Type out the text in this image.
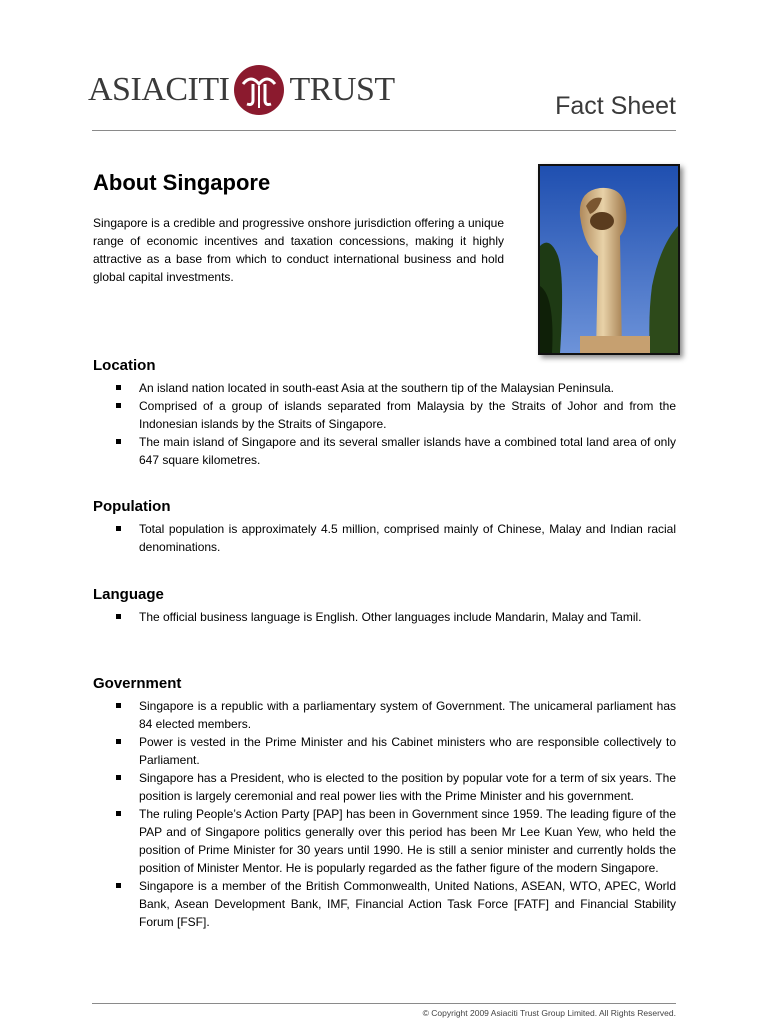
ASIACITI TRUST	Fact Sheet
About Singapore
Singapore is a credible and progressive onshore jurisdiction offering a unique range of economic incentives and taxation concessions, making it highly attractive as a base from which to conduct international business and hold global capital investments.
Location
An island nation located in south-east Asia at the southern tip of the Malaysian Peninsula.
Comprised of a group of islands separated from Malaysia by the Straits of Johor and from the Indonesian islands by the Straits of Singapore.
The main island of Singapore and its several smaller islands have a combined total land area of only 647 square kilometres.
Population
Total population is approximately 4.5 million, comprised mainly of Chinese, Malay and Indian racial denominations.
Language
The official business language is English. Other languages include Mandarin, Malay and Tamil.
Government
Singapore is a republic with a parliamentary system of Government. The unicameral parliament has 84 elected members.
Power is vested in the Prime Minister and his Cabinet ministers who are responsible collectively to Parliament.
Singapore has a President, who is elected to the position by popular vote for a term of six years. The position is largely ceremonial and real power lies with the Prime Minister and his government.
The ruling People’s Action Party [PAP] has been in Government since 1959. The leading figure of the PAP and of Singapore politics generally over this period has been Mr Lee Kuan Yew, who held the position of Prime Minister for 30 years until 1990. He is still a senior minister and currently holds the position of Minister Mentor. He is popularly regarded as the father figure of the modern Singapore.
Singapore is a member of the British Commonwealth, United Nations, ASEAN, WTO, APEC, World Bank, Asean Development Bank, IMF, Financial Action Task Force [FATF] and Financial Stability Forum [FSF].
© Copyright 2009 Asiaciti Trust Group Limited. All Rights Reserved.
